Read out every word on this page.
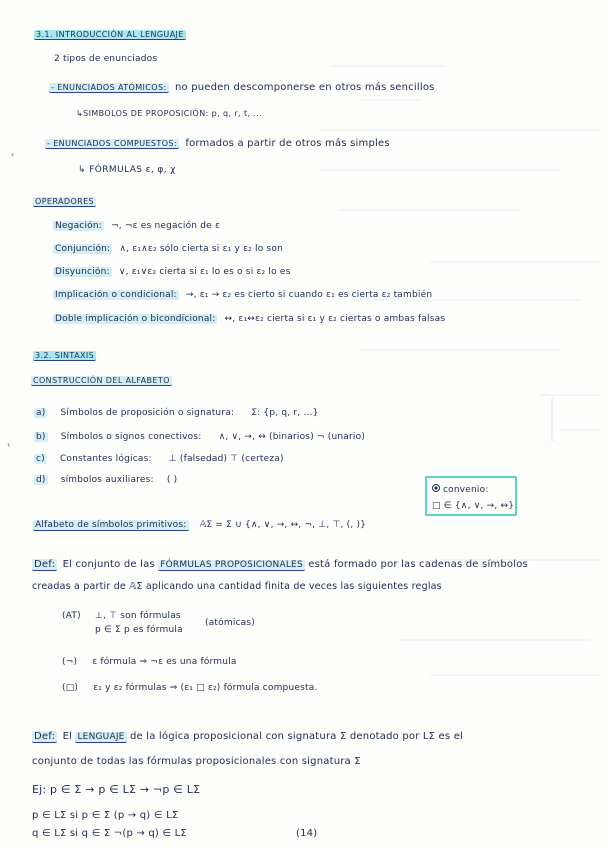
‹
‹
3.1. INTRODUCCIÓN AL LENGUAJE
2 tipos de enunciados
- ENUNCIADOS ATÓMICOS: no pueden descomponerse en otros más sencillos
↳SIMBOLOS DE PROPOSICIÓN: p, q, r, t, ...
- ENUNCIADOS COMPUESTOS: formados a partir de otros más simples
↳ FÓRMULAS ε, φ, χ
OPERADORES
Negación: ¬, ¬ε es negación de ε
Conjunción: ∧, ε₁∧ε₂ sólo cierta si ε₁ y ε₂ lo son
Disyunción: ∨, ε₁∨ε₂ cierta si ε₁ lo es o si ε₂ lo es
Implicación o condicional: →, ε₁ → ε₂ es cierto si cuando ε₁ es cierta ε₂ también
Doble implicación o bicondicional: ↔, ε₁↔ε₂ cierta si ε₁ y ε₂ ciertas o ambas falsas
3.2. SINTAXIS
CONSTRUCCIÓN DEL ALFABETO
a) Símbolos de proposición o signatura: Σ: {p, q, r, ...}
b) Símbolos o signos conectivos: ∧, ∨, →, ↔ (binarios) ¬ (unario)
c) Constantes lógicas: ⊥ (falsedad) ⊤ (certeza)
d) símbolos auxiliares: ( )
convenio:
□ ∈ {∧, ∨, →, ↔}
Alfabeto de símbolos primitivos: 𝔸Σ = Σ ∪ {∧, ∨, →, ↔, ¬, ⊥, ⊤, (, )}
Def: El conjunto de las FÓRMULAS PROPOSICIONALES está formado por las cadenas de símbolos
creadas a partir de 𝔸Σ aplicando una cantidad finita de veces las siguientes reglas
(AT) ⊥, ⊤ son fórmulas
p ∈ Σ p es fórmula
(atómicas)
(¬) ε fórmula ⇒ ¬ε es una fórmula
(□) ε₁ y ε₂ fórmulas ⇒ (ε₁ □ ε₂) fórmula compuesta.
Def: El LENGUAJE de la lógica proposicional con signatura Σ denotado por LΣ es el
conjunto de todas las fórmulas proposicionales con signatura Σ
Ej: p ∈ Σ → p ∈ LΣ → ¬p ∈ LΣ
p ∈ LΣ si p ∈ Σ (p → q) ∈ LΣ
q ∈ LΣ si q ∈ Σ ¬(p → q) ∈ LΣ	(14)
